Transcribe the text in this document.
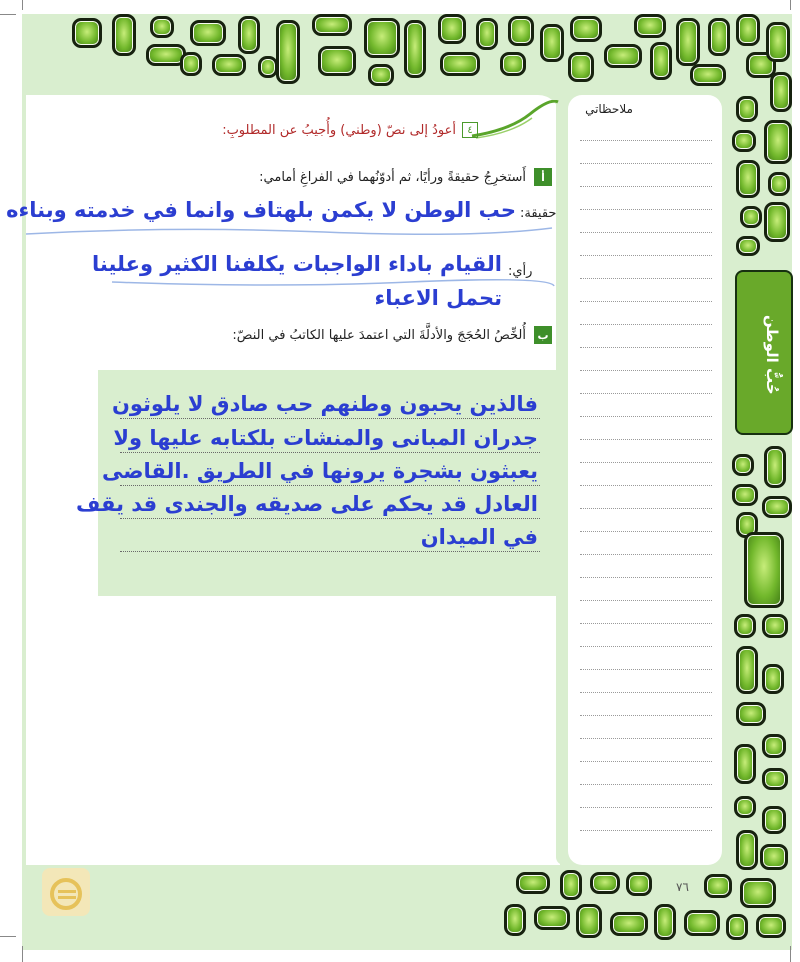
ملاحظاتي
حُبُّ الوطن
٤
أعودُ إلى نصّ (وطني) وأُجيبُ عن المطلوبِ:
أ
أَستخرِجُ حقيقةً ورأيًا، ثم أدوّنُهما في الفراغِ أمامي:
حقيقة:
حب الوطن لا يكمن بلهتاف وانما في خدمته وبناءه
رأي:
القيام باداء الواجبات يكلفنا الكثير وعلينا
تحمل الاعباء
ب
أُلخِّصُ الحُجَجَ والأدلَّةَ التي اعتمدَ عليها الكاتبُ في النصّ:
فالذين يحبون وطنهم حب صادق لا يلوثون
جدران المبانى والمنشات بلكتابه عليها ولا
يعبثون بشجرة يرونها في الطريق .القاضى
العادل قد يحكم على صديقه والجندى قد يقف
في الميدان
٧٦
